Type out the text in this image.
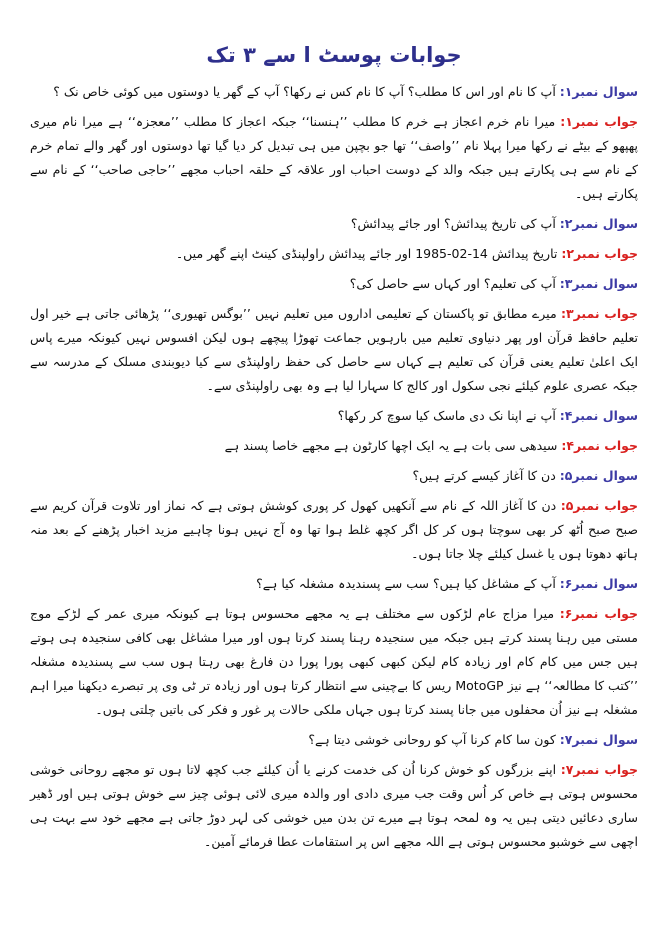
جوابات پوسٹ ا سے ۳ تک

سوال نمبر۱: آپ کا نام اور اس کا مطلب؟ آپ کا نام کس نے رکھا؟ آپ کے گھر یا دوستوں میں کوئی خاص نک ؟

جواب نمبر۱: میرا نام خرم اعجاز ہے خرم کا مطلب ’’ہنسنا‘‘ جبکہ اعجاز کا مطلب ’’معجزہ‘‘ ہے میرا نام میری پھپھو کے بیٹے نے رکھا میرا پہلا نام ’’واصف‘‘ تھا جو بچپن میں ہی تبدیل کر دیا گیا تھا دوستوں اور گھر والے تمام خرم کے نام سے ہی پکارتے ہیں جبکہ والد کے دوست احباب اور علاقہ کے حلقہ احباب مجھے ’’حاجی صاحب‘‘ کے نام سے پکارتے ہیں۔

سوال نمبر۲: آپ کی تاریخ پیدائش؟ اور جائے پیدائش؟

جواب نمبر۲: تاریخ پیدائش 14-02-1985 اور جائے پیدائش راولپنڈی کینٹ اپنے گھر میں۔

سوال نمبر۳: آپ کی تعلیم؟ اور کہاں سے حاصل کی؟

جواب نمبر۳: میرے مطابق تو پاکستان کے تعلیمی اداروں میں تعلیم نہیں ’’بوگس تھیوری‘‘ پڑھائی جاتی ہے خیر اول تعلیم حافظ قرآن اور پھر دنیاوی تعلیم میں بارہویں جماعت تھوڑا پیچھے ہوں لیکن افسوس نہیں کیونکہ میرے پاس ایک اعلیٰ تعلیم یعنی قرآن کی تعلیم ہے کہاں سے حاصل کی حفظ راولپنڈی سے کیا دیوبندی مسلک کے مدرسہ سے جبکہ عصری علوم کیلئے نجی سکول اور کالج کا سہارا لیا ہے وہ بھی راولپنڈی سے۔

سوال نمبر۴: آپ نے اپنا نک دی ماسک کیا سوچ کر رکھا؟

جواب نمبر۴: سیدھی سی بات ہے یہ ایک اچھا کارٹون ہے مجھے خاصا پسند ہے

سوال نمبر۵: دن کا آغاز کیسے کرتے ہیں؟

جواب نمبر۵: دن کا آغاز اللہ کے نام سے آنکھیں کھول کر پوری کوشش ہوتی ہے کہ نماز اور تلاوت قرآن کریم سے صبح صبح اُٹھ کر بھی سوچتا ہوں کر کل اگر کچھ غلط ہوا تھا وہ آج نہیں ہونا چاہیے مزید اخبار پڑھنے کے بعد منہ ہاتھ دھوتا ہوں یا غسل کیلئے چلا جاتا ہوں۔

سوال نمبر۶: آپ کے مشاغل کیا ہیں؟ سب سے پسندیدہ مشغلہ کیا ہے؟

جواب نمبر۶: میرا مزاج عام لڑکوں سے مختلف ہے یہ مجھے محسوس ہوتا ہے کیونکہ میری عمر کے لڑکے موج مستی میں رہنا پسند کرتے ہیں جبکہ میں سنجیدہ رہنا پسند کرتا ہوں اور میرا مشاغل بھی کافی سنجیدہ ہی ہوتے ہیں جس میں کام کام اور زیادہ کام لیکن کبھی کبھی پورا پورا دن فارغ بھی رہتا ہوں سب سے پسندیدہ مشغلہ ’’کتب کا مطالعہ‘‘ ہے نیز MotoGP ریس کا بےچینی سے انتظار کرتا ہوں اور زیادہ تر ٹی وی پر تبصرے دیکھنا میرا اہم مشغلہ ہے نیز اُن محفلوں میں جانا پسند کرتا ہوں جہاں ملکی حالات پر غور و فکر کی باتیں چلتی ہوں۔

سوال نمبر۷: کون سا کام کرنا آپ کو روحانی خوشی دیتا ہے؟

جواب نمبر۷: اپنے بزرگوں کو خوش کرنا اُن کی خدمت کرنے یا اُن کیلئے جب کچھ لاتا ہوں تو مجھے روحانی خوشی محسوس ہوتی ہے خاص کر اُس وقت جب میری دادی اور والدہ میری لائی ہوئی چیز سے خوش ہوتی ہیں اور ڈھیر ساری دعائیں دیتی ہیں یہ وہ لمحہ ہوتا ہے میرے تن بدن میں خوشی کی لہر دوڑ جاتی ہے مجھے خود سے بہت ہی اچھی سے خوشبو محسوس ہوتی ہے اللہ مجھے اس پر استقامات عطا فرمائے آمین۔
